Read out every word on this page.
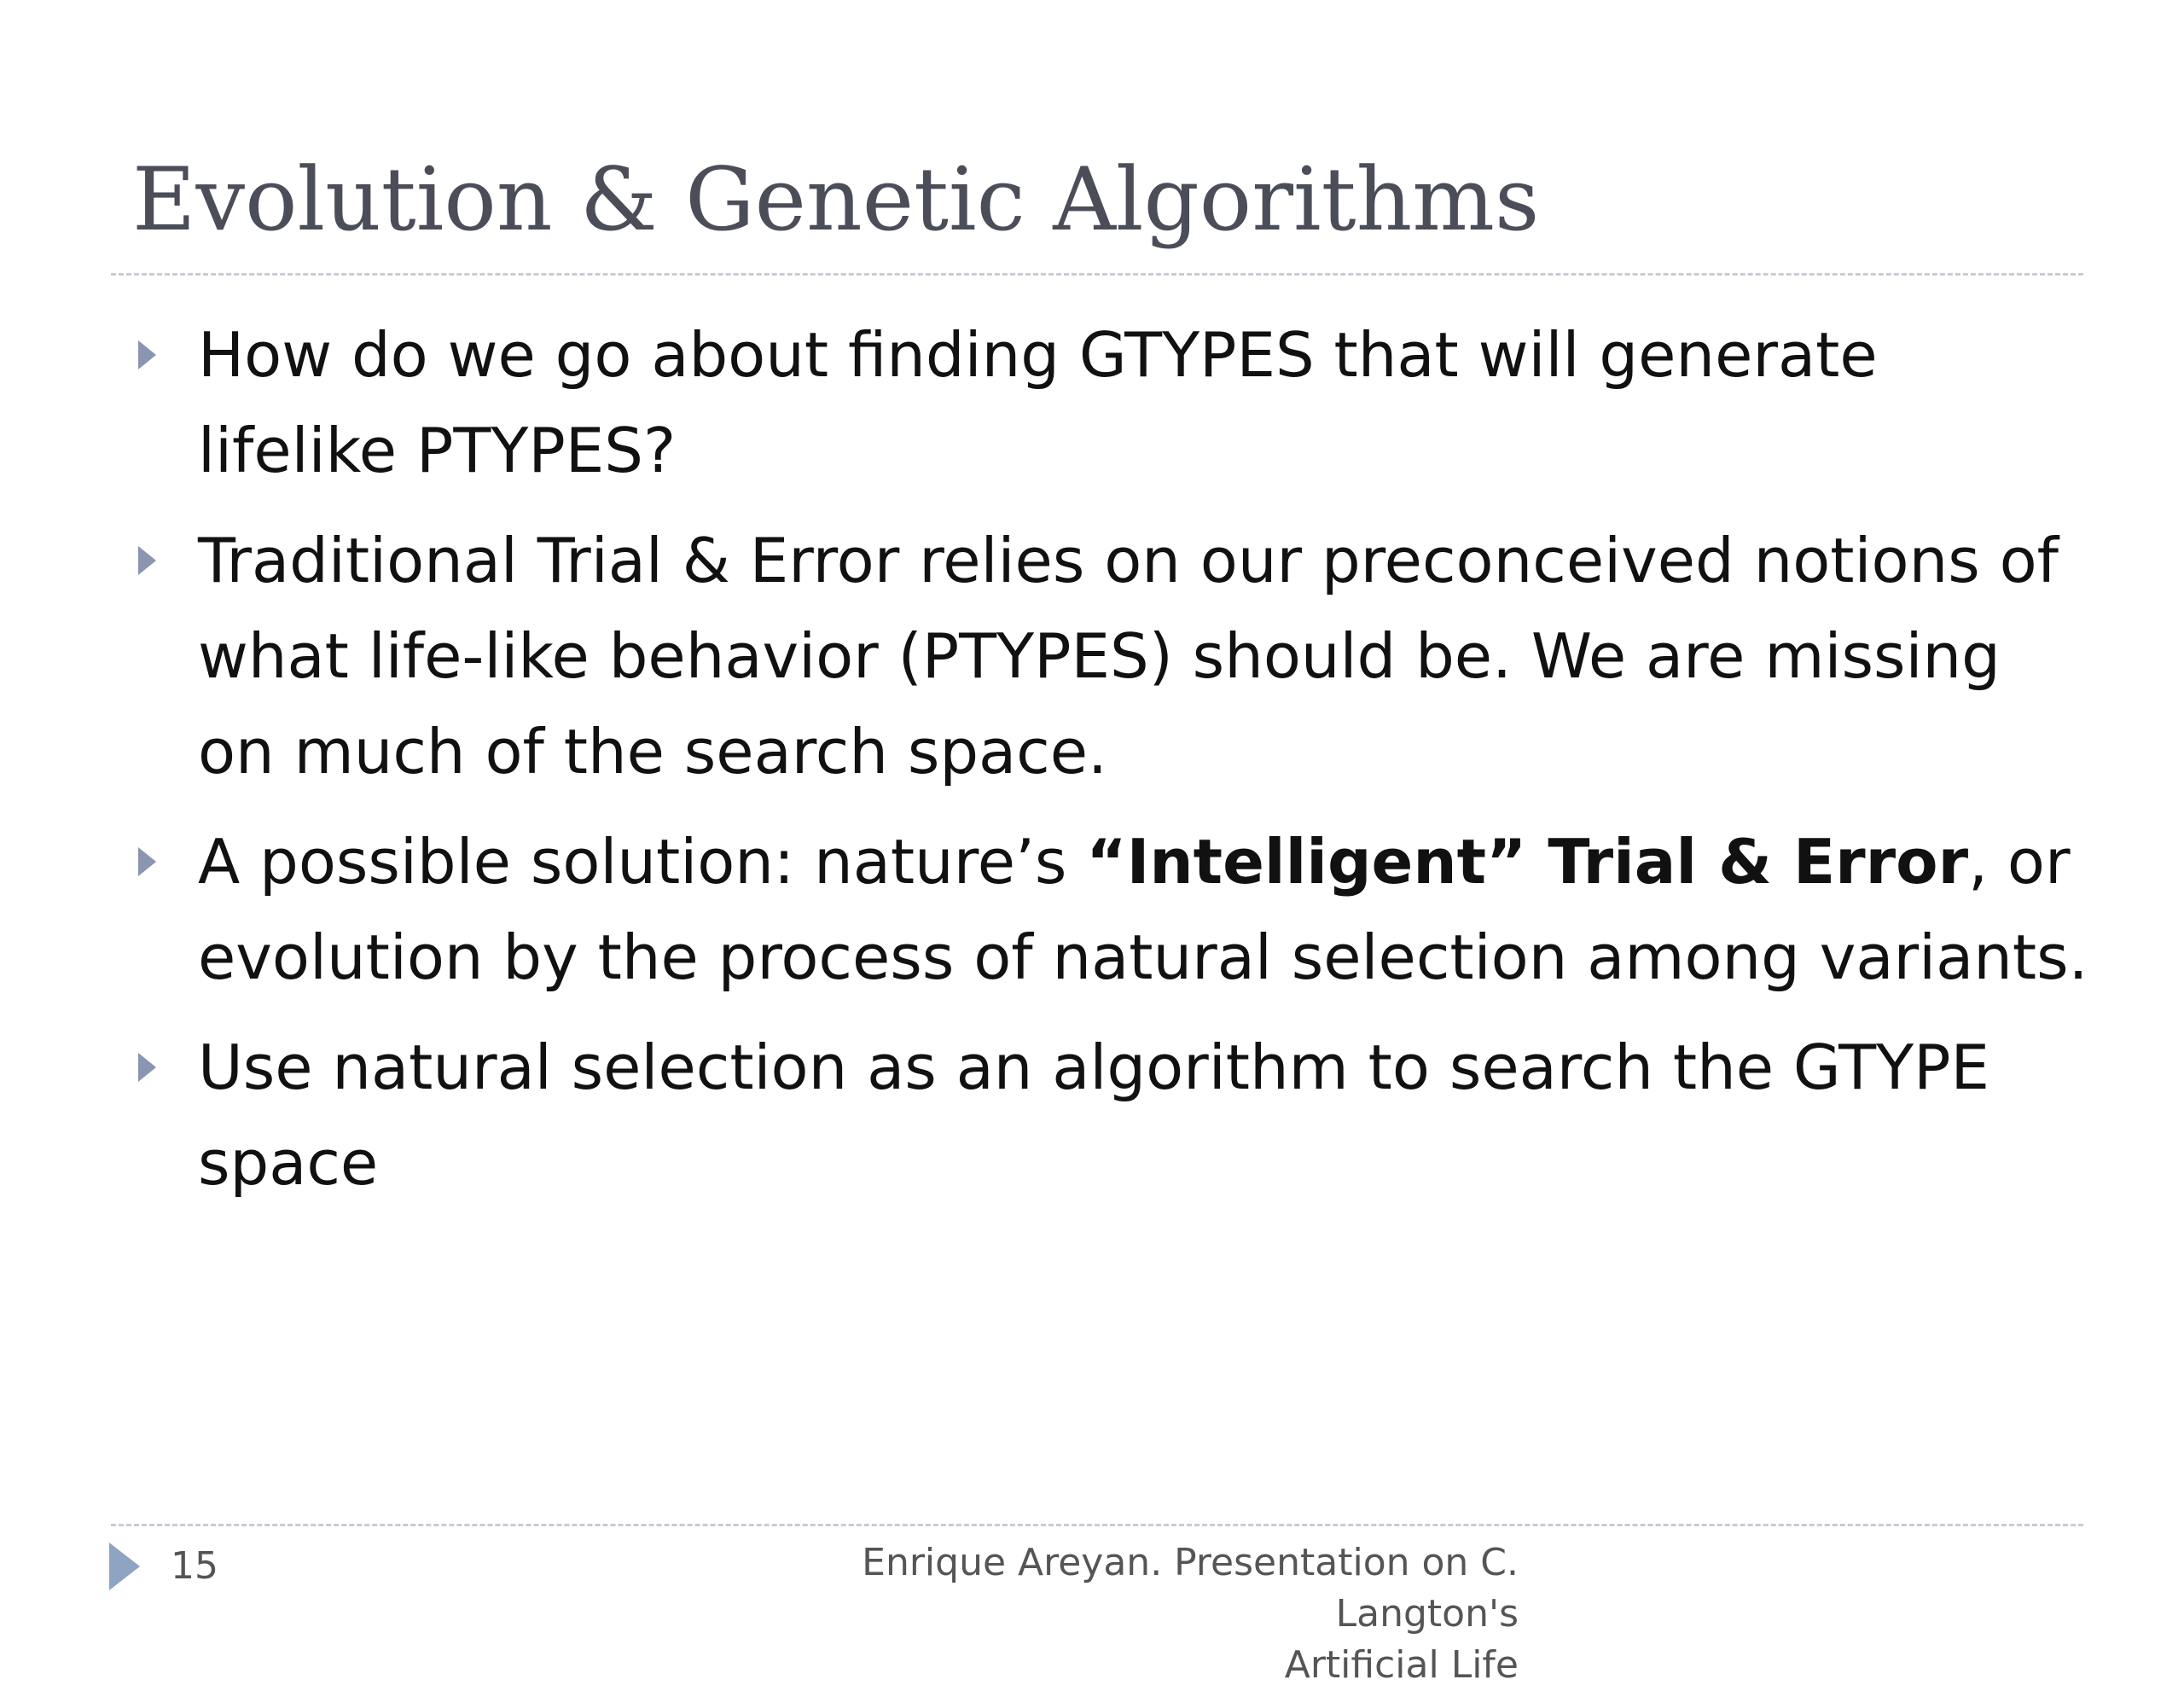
Evolution & Genetic Algorithms
How do we go about finding GTYPES that will generate lifelike PTYPES?
Traditional Trial & Error relies on our preconceived notions of what life-like behavior (PTYPES) should be. We are missing on much of the search space.
A possible solution: nature’s “Intelligent” Trial & Error, or evolution by the process of natural selection among variants.
Use natural selection as an algorithm to search the GTYPE space
15	Enrique Areyan. Presentation on C. Langton's
Artificial Life
